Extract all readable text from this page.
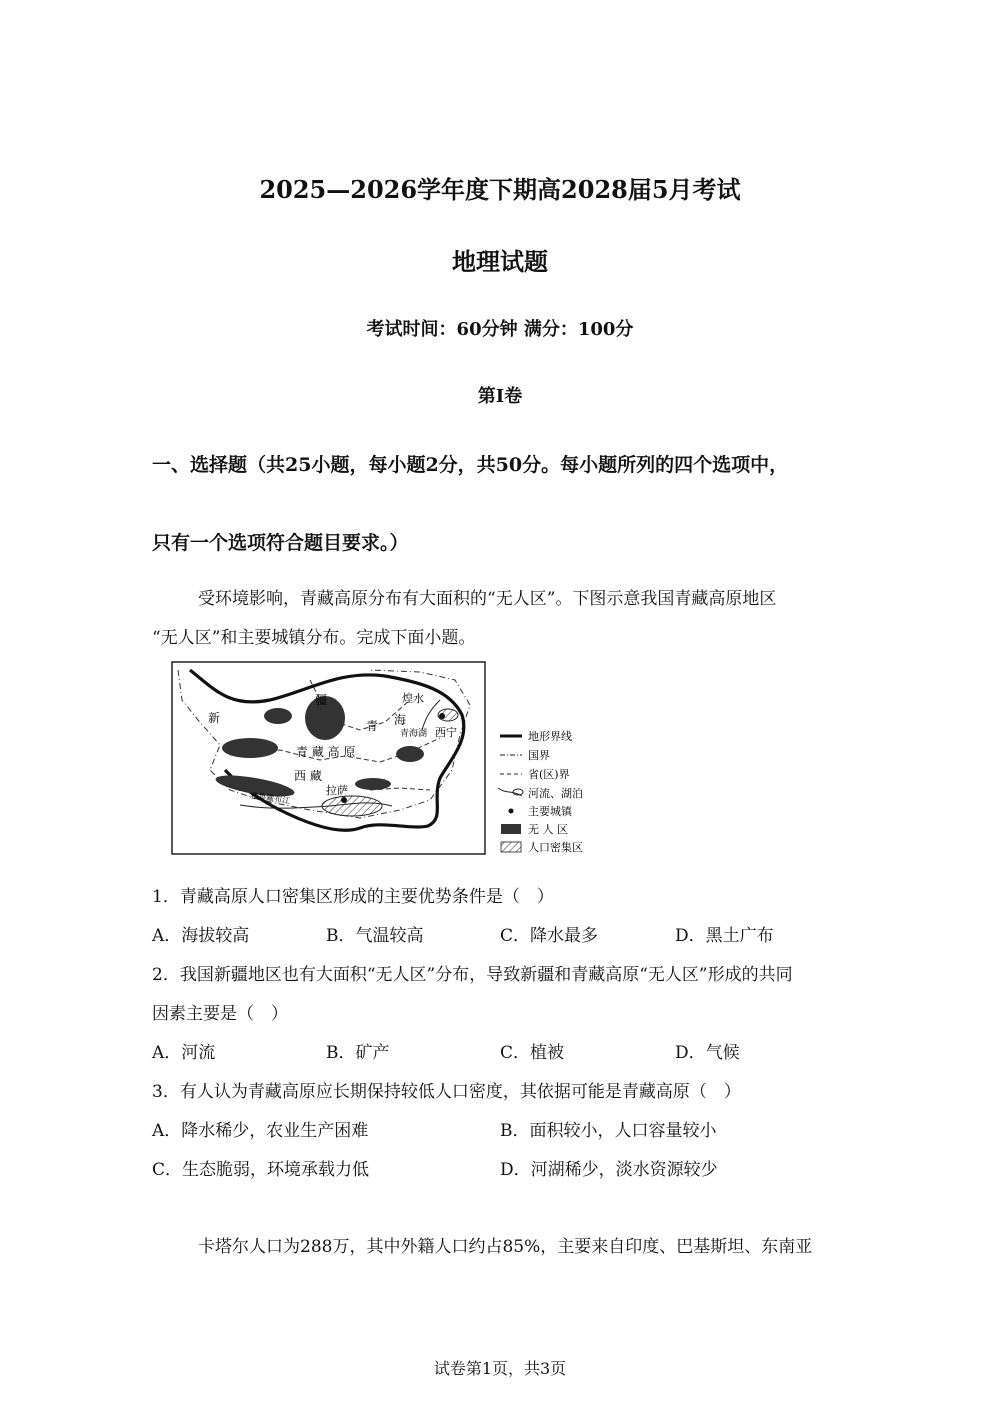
2025—2026学年度下期高2028届5月考试
地理试题
考试时间：60分钟 满分：100分
第I卷
一、选择题（共25小题，每小题2分，共50分。每小题所列的四个选项中，
只有一个选项符合题目要求。）
受环境影响，青藏高原分布有大面积的“无人区”。下图示意我国青藏高原地区
“无人区”和主要城镇分布。完成下面小题。
新
疆
青 海
煌水
青海湖 西宁
青 藏 高 原
西 藏
拉萨
雅鲁藏布江
地形界线
国界
省(区)界
河流、湖泊
主要城镇
无 人 区
人口密集区
1．青藏高原人口密集区形成的主要优势条件是（　）
A．海拔较高	B．气温较高	C．降水最多	D．黑土广布
2．我国新疆地区也有大面积“无人区”分布，导致新疆和青藏高原“无人区”形成的共同
因素主要是（　）
A．河流	B．矿产	C．植被	D．气候
3．有人认为青藏高原应长期保持较低人口密度，其依据可能是青藏高原（　）
A．降水稀少，农业生产困难	B．面积较小，人口容量较小
C．生态脆弱，环境承载力低	D．河湖稀少，淡水资源较少
卡塔尔人口为288万，其中外籍人口约占85%，主要来自印度、巴基斯坦、东南亚
试卷第1页，共3页
